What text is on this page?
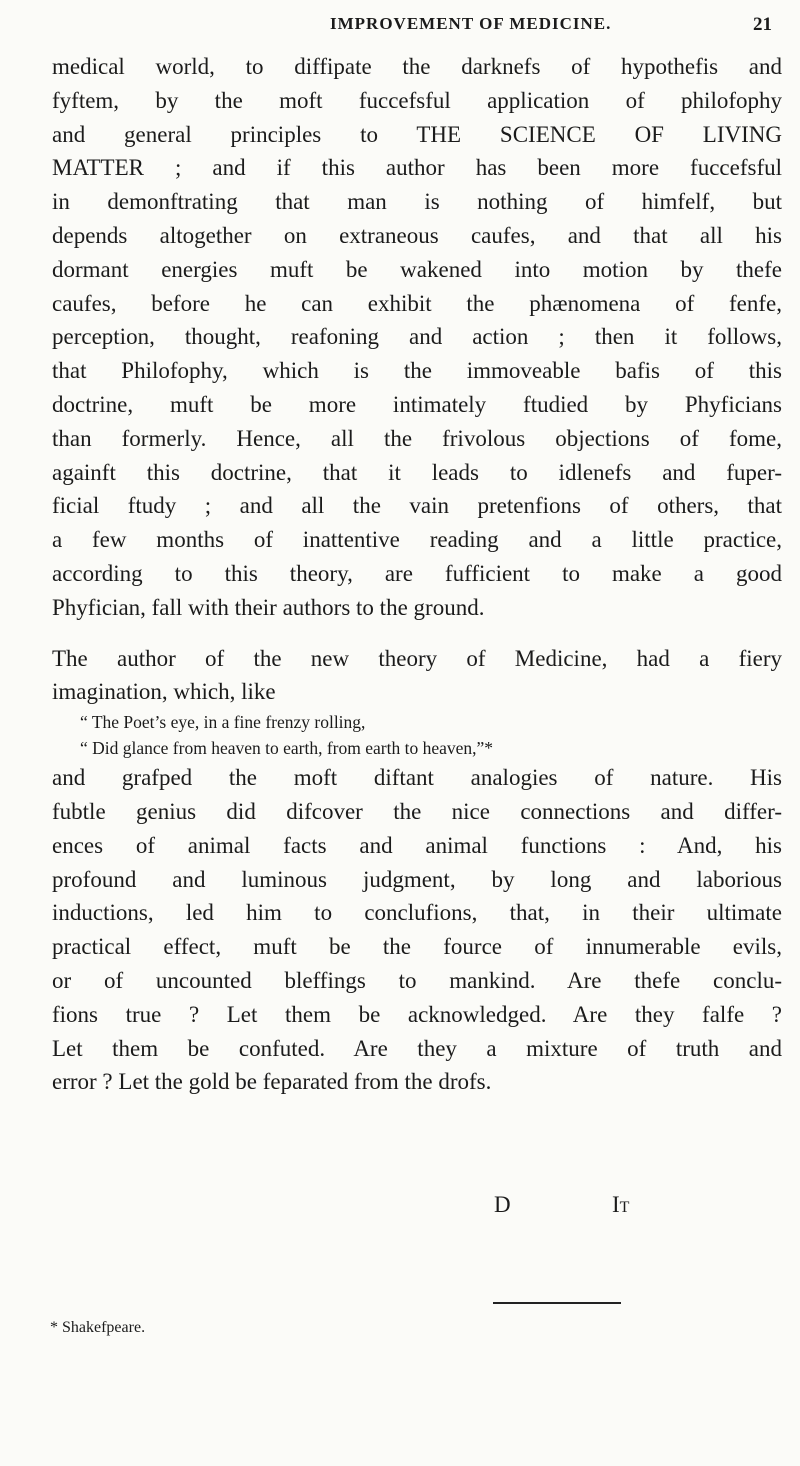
IMPROVEMENT OF MEDICINE.	21
medical world, to diffipate the darknefs of hypothefis and
fyftem, by the moft fuccefsful application of philofophy
and general principles to THE SCIENCE OF LIVING
MATTER ; and if this author has been more fuccefsful
in demonftrating that man is nothing of himfelf, but
depends altogether on extraneous caufes, and that all his
dormant energies muft be wakened into motion by thefe
caufes, before he can exhibit the phænomena of fenfe,
perception, thought, reafoning and action ; then it follows,
that Philofophy, which is the immoveable bafis of this
doctrine, muft be more intimately ftudied by Phyficians
than formerly. Hence, all the frivolous objections of fome,
againft this doctrine, that it leads to idlenefs and fuper-
ficial ftudy ; and all the vain pretenfions of others, that
a few months of inattentive reading and a little practice,
according to this theory, are fufficient to make a good
Phyfician, fall with their authors to the ground.
The author of the new theory of Medicine, had a fiery
imagination, which, like
“ The Poet’s eye, in a fine frenzy rolling,
“ Did glance from heaven to earth, from earth to heaven,”*
and grafped the moft diftant analogies of nature. His
fubtle genius did difcover the nice connections and differ-
ences of animal facts and animal functions : And, his
profound and luminous judgment, by long and laborious
inductions, led him to conclufions, that, in their ultimate
practical effect, muft be the fource of innumerable evils,
or of uncounted bleffings to mankind. Are thefe conclu-
fions true ? Let them be acknowledged. Are they falfe ?
Let them be confuted. Are they a mixture of truth and
error ? Let the gold be feparated from the drofs.
D	It
* Shakefpeare.
